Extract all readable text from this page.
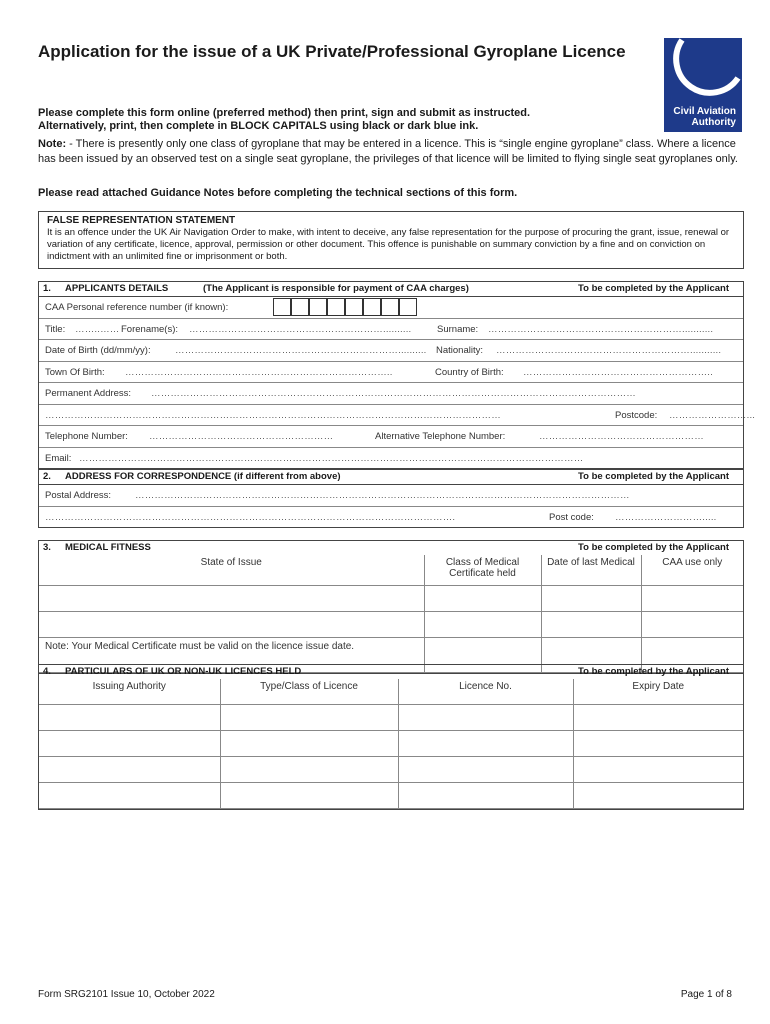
Application for the issue of a UK Private/Professional Gyroplane Licence
Civil Aviation
Authority
Please complete this form online (preferred method) then print, sign and submit as instructed.
Alternatively, print, then complete in BLOCK CAPITALS using black or dark blue ink.
Note: - There is presently only one class of gyroplane that may be entered in a licence. This is “single engine gyroplane” class. Where a licence has been issued by an observed test on a single seat gyroplane, the privileges of that licence will be limited to flying single seat gyroplanes only.
Please read attached Guidance Notes before completing the technical sections of this form.
FALSE REPRESENTATION STATEMENT
It is an offence under the UK Air Navigation Order to make, with intent to deceive, any false representation for the purpose of procuring the grant, issue, renewal or variation of any certificate, licence, approval, permission or other document. This offence is punishable on summary conviction by a fine and on conviction on indictment with an unlimited fine or imprisonment or both.
1. APPLICANTS DETAILS	(The Applicant is responsible for payment of CAA charges)	To be completed by the Applicant
CAA Personal reference number (if known):
Title: ……..…… Forename(s): ……………………………………………………..........	Surname: ……………………………………………………...........
Date of Birth (dd/mm/yy):	…………………………………………………………….......... Nationality: ……………………………………………………...........
Town Of Birth: ………………………………………………………………………..	Country of Birth: …………………………………………………..
Permanent Address: ……………………………………………………………………………………………………………………………………
……………………………………………………………………………………………………………………………	Postcode: ……………………...
Telephone Number: …………………………………………………	Alternative Telephone Number:	……………………………………………
Email: …………………………………………………………………………………………………………………………………………
2. ADDRESS FOR CORRESPONDENCE (if different from above)	To be completed by the Applicant
Postal Address:	………………………………………………………………………………………………………………………………………
……………………………………………………………………………………………………………….	Post code: ……………………….....
3. MEDICAL FITNESS	To be completed by the Applicant
State of Issue	Class of Medical Certificate held	Date of last Medical	CAA use only

Note: Your Medical Certificate must be valid on the licence issue date.			
4. PARTICULARS OF UK OR NON-UK LICENCES HELD	To be completed by the Applicant
Issuing Authority	Type/Class of Licence	Licence No.	Expiry Date

Form SRG2101 Issue 10, October 2022	Page 1 of 8
